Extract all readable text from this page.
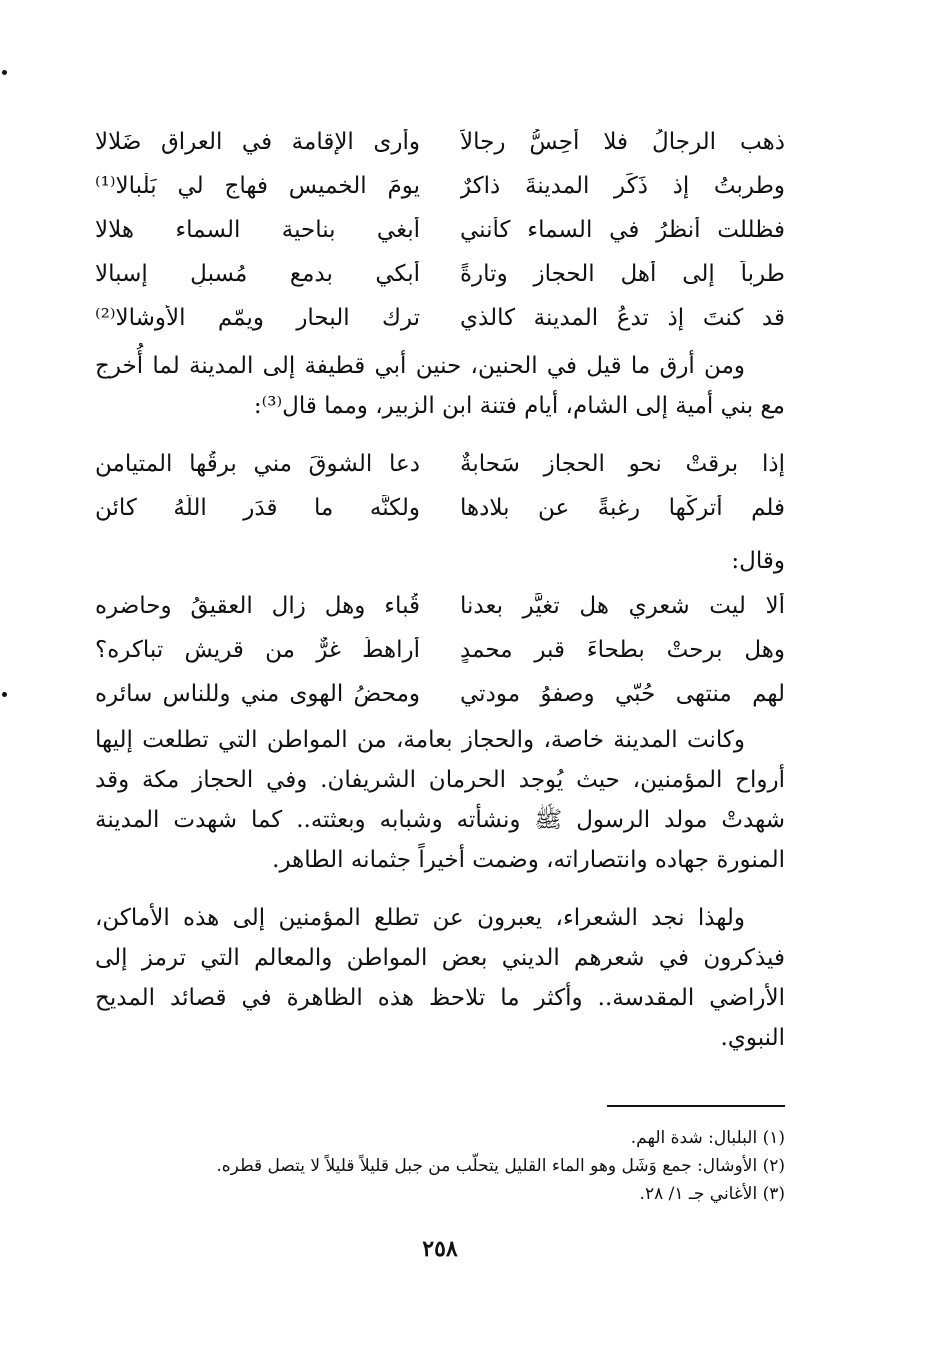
ذهب الرجالُ فلا أُحِسُّ رجالاً
وأرى الإقامة في العراق ضَلالا
وطربتُ إذ ذَكَر المدينةَ ذاكرٌ
يومَ الخميس فهاج لي بَلْبالا⁽¹⁾
فظللت أنظرُ في السماء كأنني
أبغي بناحية السماء هلالا
طرباً إلى أهل الحجاز وتارةً
أبكي بدمعٍ مُسبلٍ إسبالا
قد كنتَ إذ تدعُ المدينة كالذي
ترك البحار ويمّم الأوشالا⁽²⁾

ومن أرق ما قيل في الحنين، حنين أبي قطيفة إلى المدينة لما أُخرج مع بني أمية إلى الشام، أيام فتنة ابن الزبير، ومما قال⁽³⁾:

إذا برقتْ نحو الحجاز سَحابةٌ
دعا الشوقَ مني برقُها المتيامن
فلم أتركْها رغبةً عن بلادها
ولكنَّه ما قدَر اللَّهُ كائن
وقال:
ألا ليت شعري هل تغيَّر بعدنا
قُباء وهل زال العقيقُ وحاضره
وهل برحتْ بطحاءَ قبرِ محمدٍ
أراهطُ غرٌّ من قريشٍ تباكره؟
لهم منتهى حُبّي وصفوُ مودتي
ومحضُ الهوى مني وللناس سائره

وكانت المدينة خاصة، والحجاز بعامة، من المواطن التي تطلعت إليها أرواح المؤمنين، حيث يُوجد الحرمان الشريفان. وفي الحجاز مكة وقد شهدتْ مولد الرسول ﷺ ونشأته وشبابه وبعثته.. كما شهدت المدينة المنورة جهاده وانتصاراته، وضمت أخيراً جثمانه الطاهر.

ولهذا نجد الشعراء، يعبرون عن تطلع المؤمنين إلى هذه الأماكن، فيذكرون في شعرهم الديني بعض المواطن والمعالم التي ترمز إلى الأراضي المقدسة.. وأكثر ما تلاحظ هذه الظاهرة في قصائد المديح النبوي.

(١) البلبال: شدة الهم.
(٢) الأوشال: جمع وَشَل وهو الماء القليل يتحلّب من جبل قليلاً قليلاً لا يتصل قطره.
(٣) الأغاني جـ ١/ ٢٨.
٢٥٨
